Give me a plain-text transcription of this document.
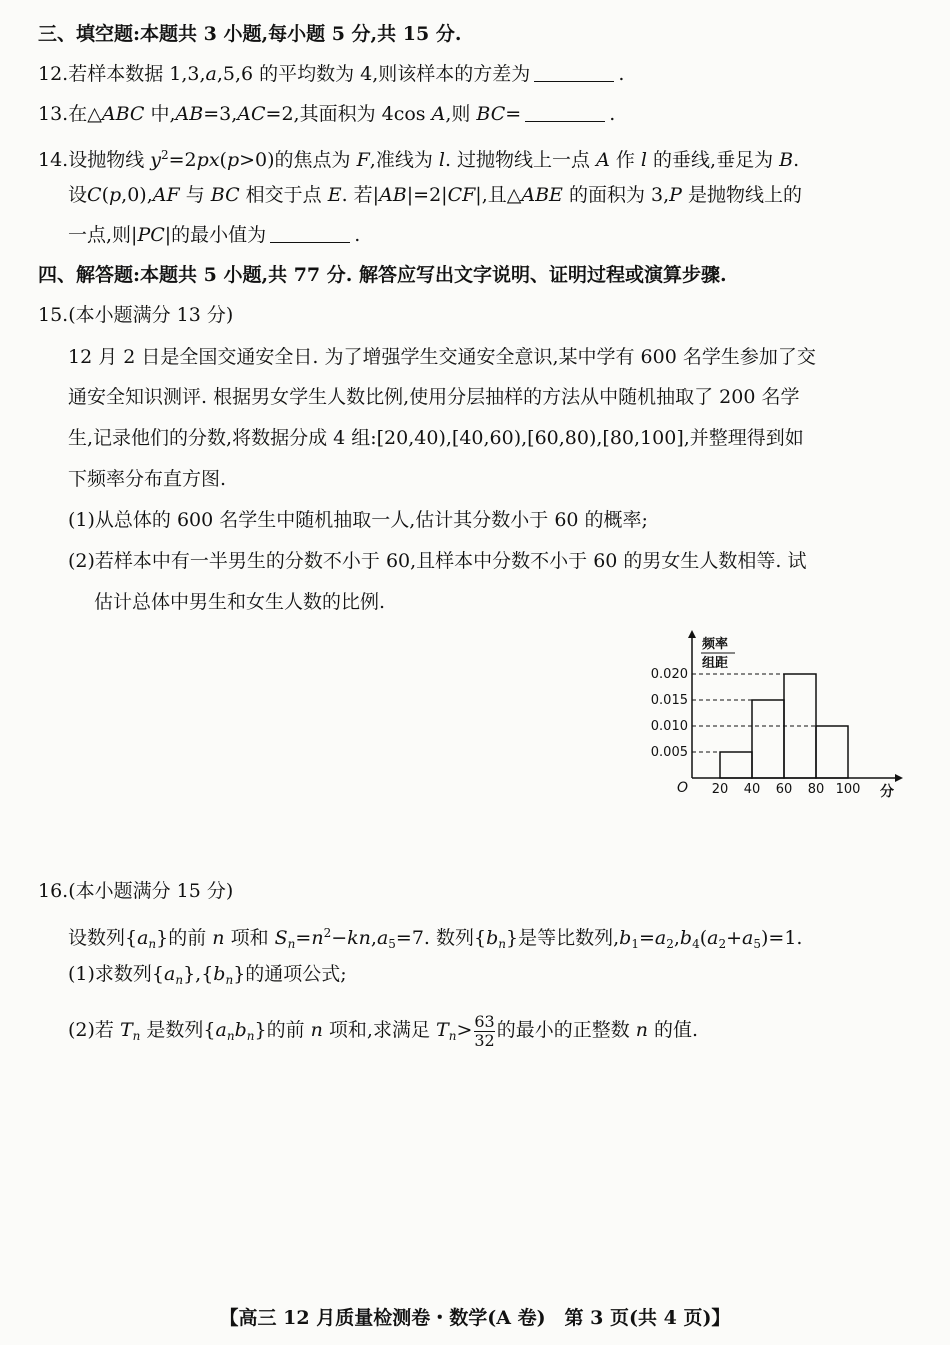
三、填空题:本题共 3 小题,每小题 5 分,共 15 分.
12.若样本数据 1,3,a,5,6 的平均数为 4,则该样本的方差为	.
13.在△ABC 中,AB=3,AC=2,其面积为 4cos A,则 BC=	.
14.设抛物线 $y^2=2px(p>0)$的焦点为 F,准线为 l. 过抛物线上一点 A 作 l 的垂线,垂足为 B.
设C(p,0),AF 与 BC 相交于点 E. 若|AB|=2|CF|,且△ABE 的面积为 3,P 是抛物线上的
一点,则|PC|的最小值为	.
四、解答题:本题共 5 小题,共 77 分. 解答应写出文字说明、证明过程或演算步骤.
15.(本小题满分 13 分)
12 月 2 日是全国交通安全日. 为了增强学生交通安全意识,某中学有 600 名学生参加了交
通安全知识测评. 根据男女学生人数比例,使用分层抽样的方法从中随机抽取了 200 名学
生,记录他们的分数,将数据分成 4 组:[20,40),[40,60),[60,80),[80,100],并整理得到如
下频率分布直方图.
(1)从总体的 600 名学生中随机抽取一人,估计其分数小于 60 的概率;
(2)若样本中有一半男生的分数不小于 60,且样本中分数不小于 60 的男女生人数相等. 试
估计总体中男生和女生人数的比例.
频率
组距
分
O 20 40 60 80 100
0.005
0.010
0.015
0.020
16.(本小题满分 15 分)
设数列$\{a_n\}$的前 n 项和 $S_n=n^2-kn,a_5=7$. 数列$\{b_n\}$是等比数列$,b_1=a_2,b_4(a_2+a_5)=1$.
(1)求数列$\{a_n\},\{b_n\}$的通项公式;
(2)若 $T_n$ 是数列$\{a_nb_n\}$的前 n 项和,求满足 $T_n> \frac{63}{32}$ 的最小的正整数 n 的值.
【高三 12 月质量检测卷・数学(A 卷)　第 3 页(共 4 页)】
